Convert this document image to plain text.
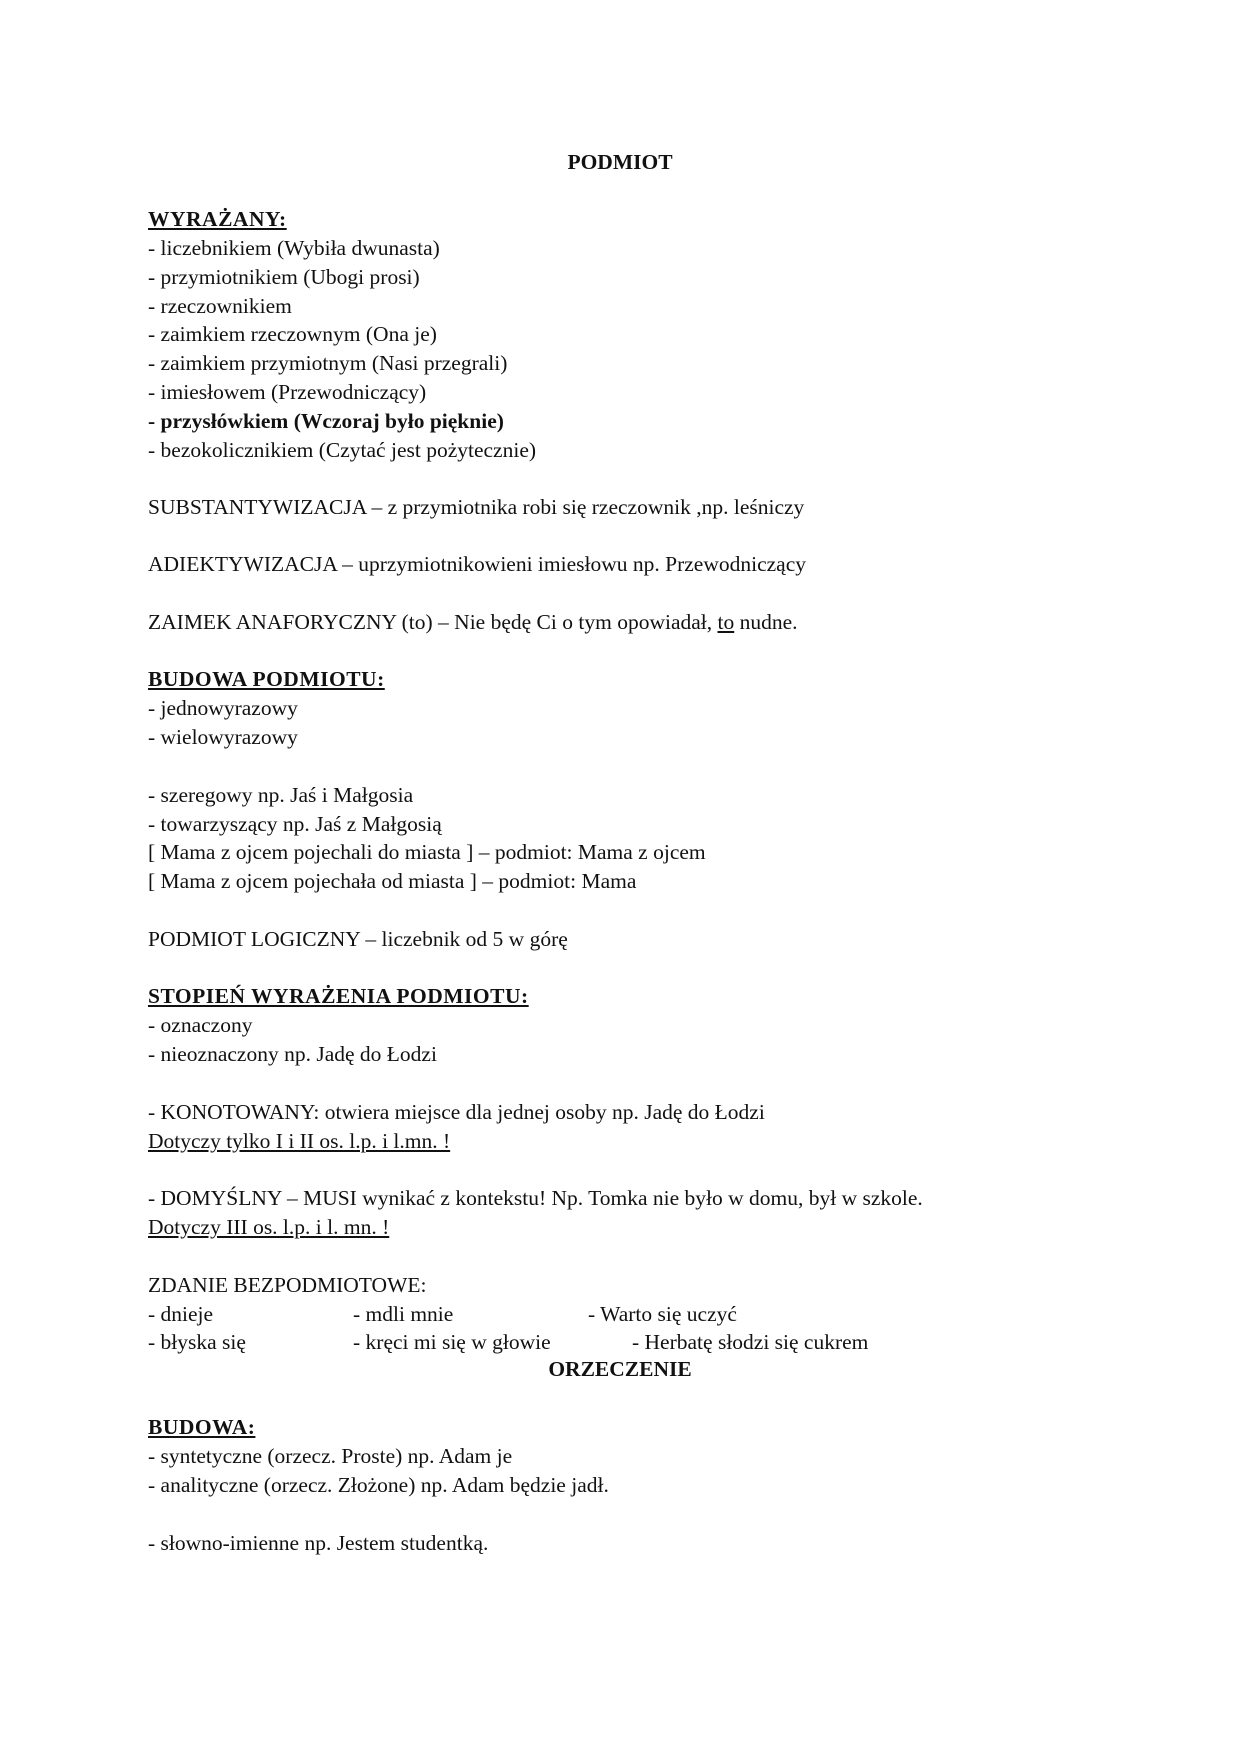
PODMIOT
WYRAŻANY:
- liczebnikiem (Wybiła dwunasta)
- przymiotnikiem (Ubogi prosi)
- rzeczownikiem
- zaimkiem rzeczownym (Ona je)
- zaimkiem przymiotnym (Nasi przegrali)
- imiesłowem (Przewodniczący)
- przysłówkiem (Wczoraj było pięknie)
- bezokolicznikiem (Czytać jest pożytecznie)
SUBSTANTYWIZACJA – z przymiotnika robi się rzeczownik ,np. leśniczy
ADIEKTYWIZACJA – uprzymiotnikowieni imiesłowu np. Przewodniczący
ZAIMEK ANAFORYCZNY (to) – Nie będę Ci o tym opowiadał, to nudne.
BUDOWA PODMIOTU:
- jednowyrazowy
- wielowyrazowy
- szeregowy np. Jaś i Małgosia
- towarzyszący np. Jaś z Małgosią
[ Mama z ojcem pojechali do miasta ] – podmiot: Mama z ojcem
[ Mama z ojcem pojechała od miasta ] – podmiot: Mama
PODMIOT LOGICZNY – liczebnik od 5 w górę
STOPIEŃ WYRAŻENIA PODMIOTU:
- oznaczony
- nieoznaczony np. Jadę do Łodzi
- KONOTOWANY: otwiera miejsce dla jednej osoby np. Jadę do Łodzi
Dotyczy tylko I i II os. l.p. i l.mn. !
- DOMYŚLNY – MUSI wynikać z kontekstu! Np. Tomka nie było w domu, był w szkole.
Dotyczy III os. l.p. i l. mn. !
ZDANIE BEZPODMIOTOWE:
- dnieje	- mdli mnie	- Warto się uczyć
- błyska się	- kręci mi się w głowie	- Herbatę słodzi się cukrem
ORZECZENIE
BUDOWA:
- syntetyczne (orzecz. Proste) np. Adam je
- analityczne (orzecz. Złożone) np. Adam będzie jadł.
- słowno-imienne np. Jestem studentką.
